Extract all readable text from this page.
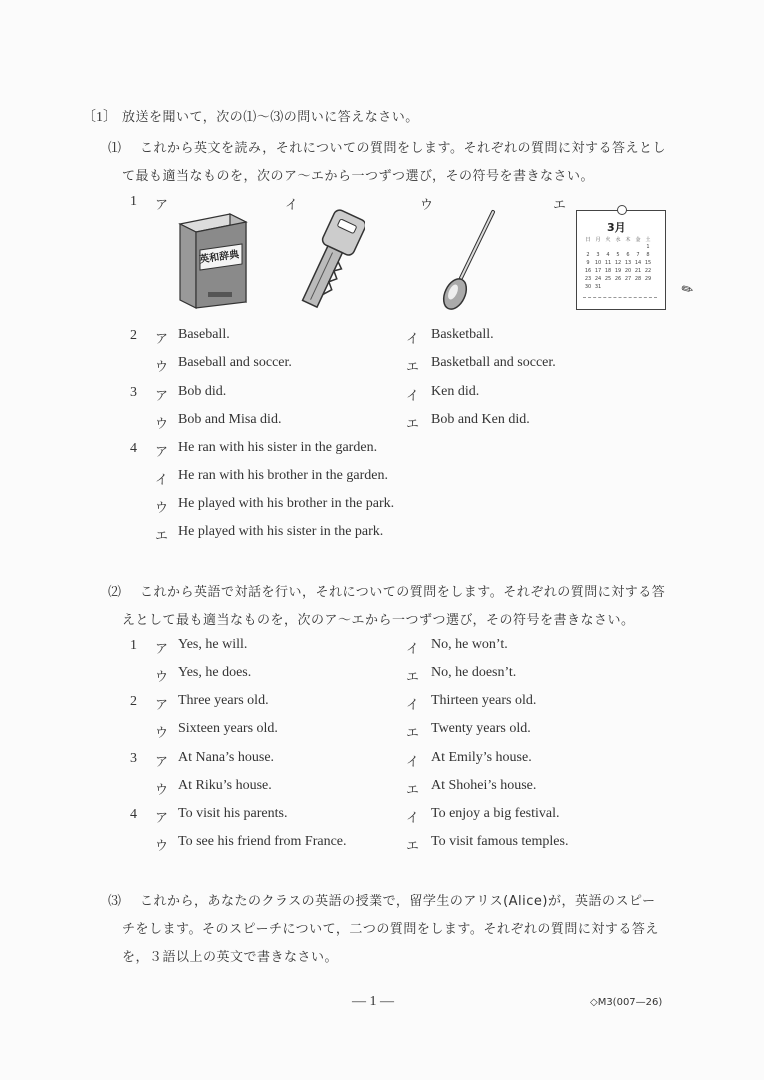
〔1〕 放送を聞いて，次の⑴～⑶の問いに答えなさい。
⑴ これから英文を読み，それについての質問をします。それぞれの質問に対する答えとし
て最も適当なものを，次のア～エから一つずつ選び，その符号を書きなさい。
1 ア	イ	ウ	エ
英和辞典
3月
日	月	火	水	木	金	土
						1
2	3	4	5	6	7	8
9	10	11	12	13	14	15
16	17	18	19	20	21	22
23	24	25	26	27	28	29
30	31						✎
2 ア Baseball.	イ Basketball.
ウ Baseball and soccer.	エ Basketball and soccer.
3 ア Bob did.	イ Ken did.
ウ Bob and Misa did.	エ Bob and Ken did.
4 ア He ran with his sister in the garden.
イ He ran with his brother in the garden.
ウ He played with his brother in the park.
エ He played with his sister in the park.
⑵ これから英語で対話を行い，それについての質問をします。それぞれの質問に対する答
えとして最も適当なものを，次のア～エから一つずつ選び，その符号を書きなさい。
1 ア Yes, he will.	イ No, he won’t.
ウ Yes, he does.	エ No, he doesn’t.
2 ア Three years old.	イ Thirteen years old.
ウ Sixteen years old.	エ Twenty years old.
3 ア At Nana’s house.	イ At Emily’s house.
ウ At Riku’s house.	エ At Shohei’s house.
4 ア To visit his parents.	イ To enjoy a big festival.
ウ To see his friend from France.	エ To visit famous temples.
⑶ これから，あなたのクラスの英語の授業で，留学生のアリス(Alice)が，英語のスピー
チをします。そのスピーチについて，二つの質問をします。それぞれの質問に対する答え
を，３語以上の英文で書きなさい。
— 1 —	◇M3(007—26)
